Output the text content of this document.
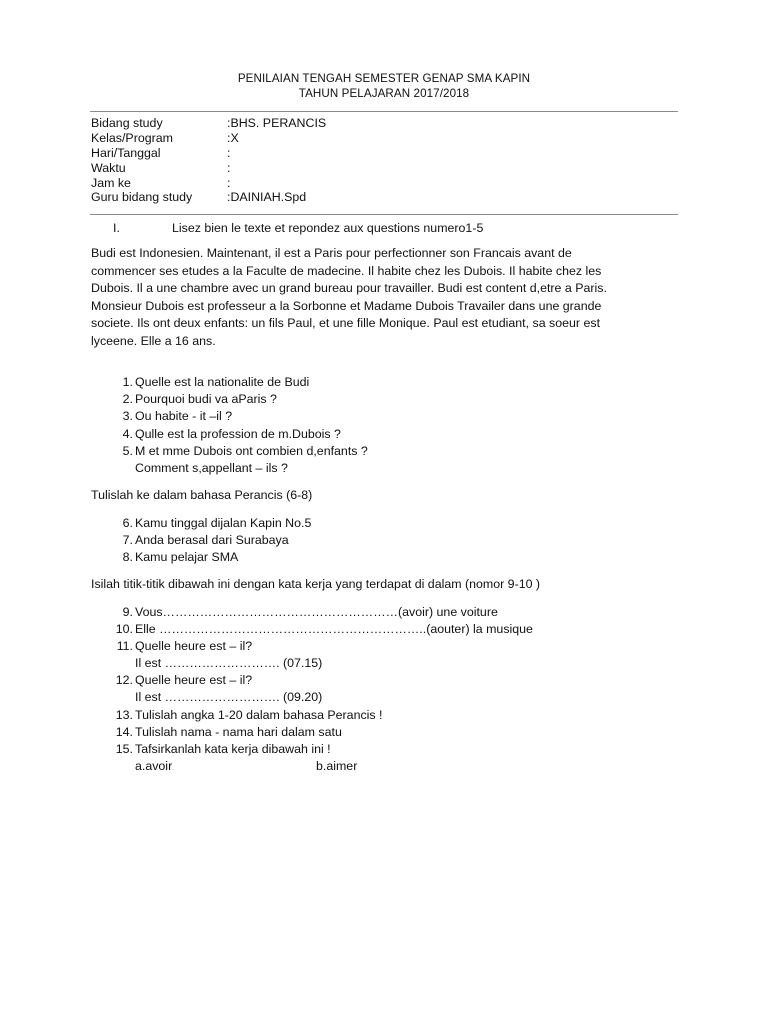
PENILAIAN TENGAH SEMESTER GENAP SMA KAPIN
TAHUN PELAJARAN 2017/2018
Bidang study	:BHS. PERANCIS
Kelas/Program	:X
Hari/Tanggal	:
Waktu	:
Jam ke	:
Guru bidang study	:DAINIAH.Spd
I.	Lisez bien le texte et repondez aux questions numero1-5
Budi est Indonesien. Maintenant, il est a Paris pour perfectionner son Francais avant de
commencer ses etudes a la Faculte de madecine. Il habite chez les Dubois. Il habite chez les
Dubois. Il a une chambre avec un grand bureau pour travailler. Budi est content d,etre a Paris.
Monsieur Dubois est professeur a la Sorbonne et Madame Dubois Travailer dans une grande
societe. Ils ont deux enfants: un fils Paul, et une fille Monique. Paul est etudiant, sa soeur est
lyceene. Elle a 16 ans.
1. Quelle est la nationalite de Budi
2. Pourquoi budi va aParis ?
3. Ou habite - it –il ?
4. Qulle est la profession de m.Dubois ?
5. M et mme Dubois ont combien d,enfants ?
Comment s,appellant – ils ?
Tulislah ke dalam bahasa Perancis (6-8)
6. Kamu tinggal dijalan Kapin No.5
7. Anda berasal dari Surabaya
8. Kamu pelajar SMA
Isilah titik-titik dibawah ini dengan kata kerja yang terdapat di dalam (nomor 9-10 )
9. Vous…………………………………………………(avoir) une voiture
10. Elle ………………………………………………………..(aouter) la musique
11. Quelle heure est – il?
Il est ………………………. (07.15)
12. Quelle heure est – il?
Il est ………………………. (09.20)
13. Tulislah angka 1-20 dalam bahasa Perancis !
14. Tulislah nama - nama hari dalam satu
15. Tafsirkanlah kata kerja dibawah ini !
a.avoir	b.aimer
